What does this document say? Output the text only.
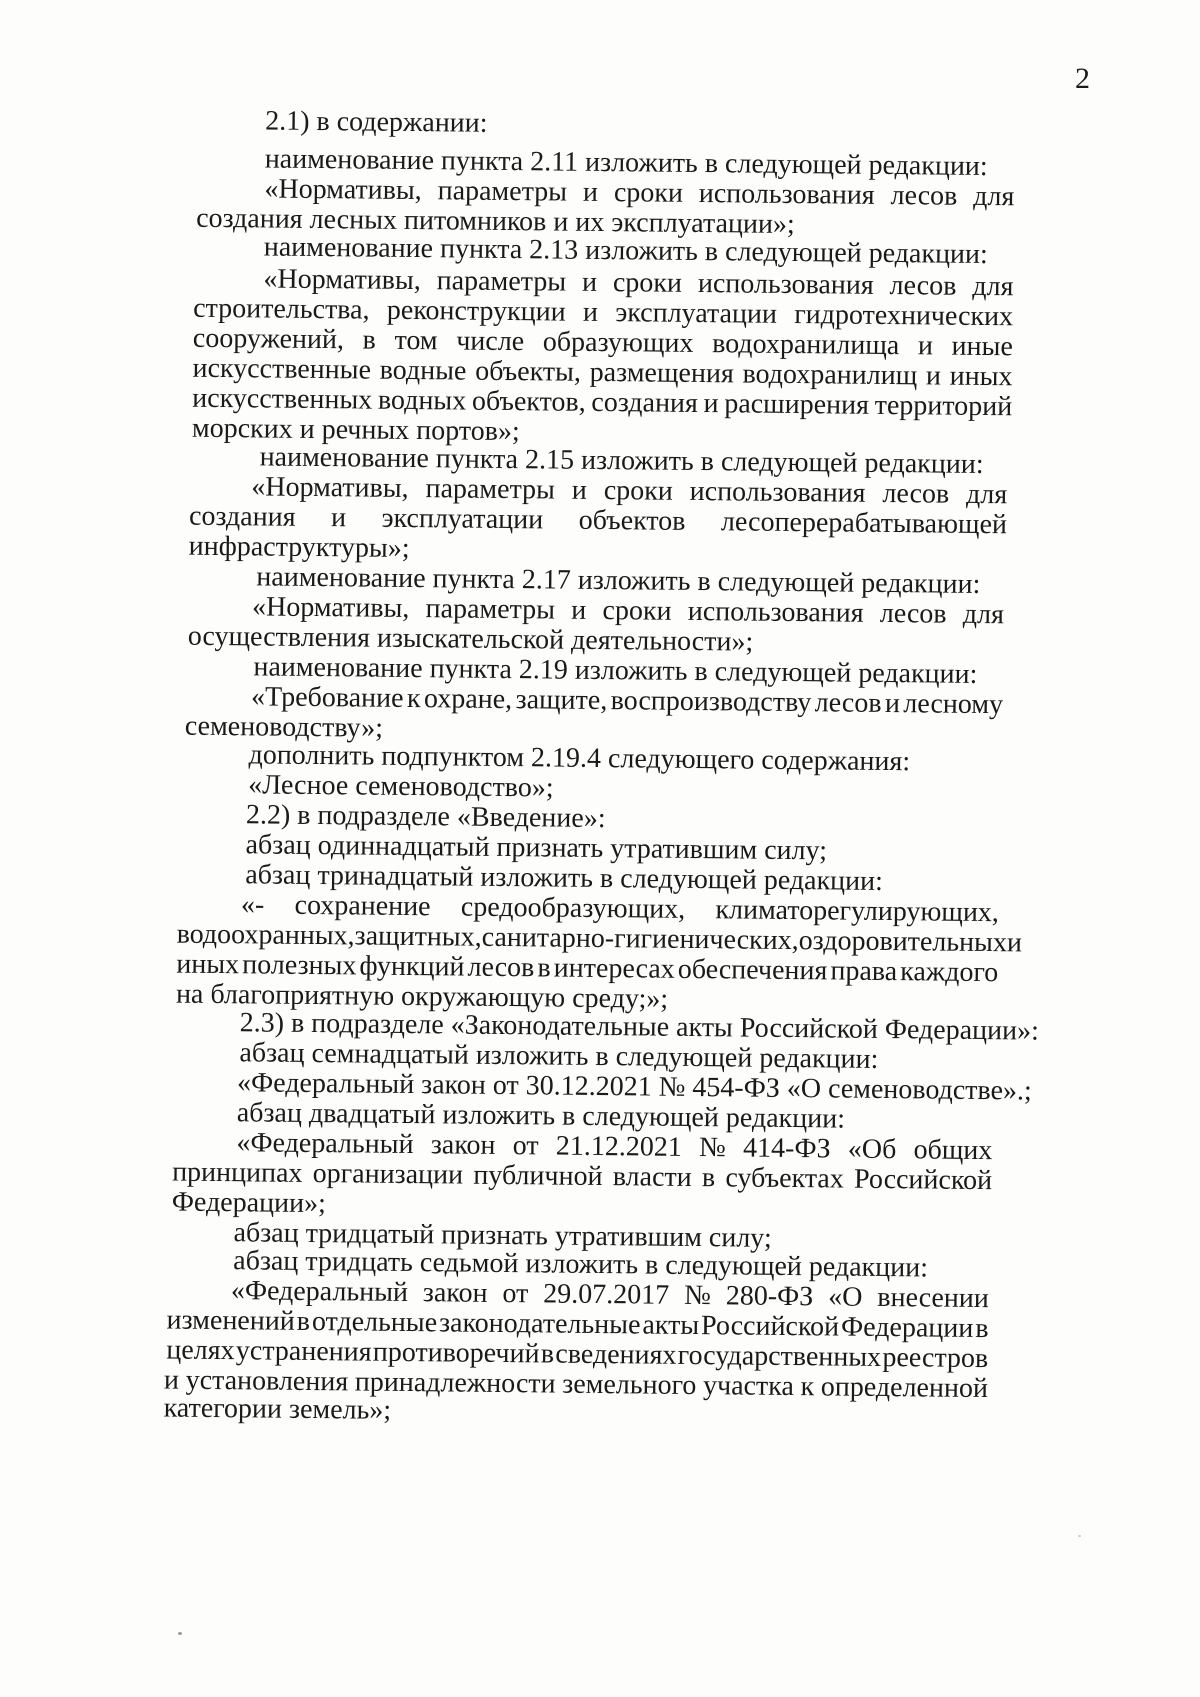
2
2.1) в содержании:
наименование пункта 2.11 изложить в следующей редакции:
«Нормативы, параметры и сроки использования лесов для
создания лесных питомников и их эксплуатации»;
наименование пункта 2.13 изложить в следующей редакции:
«Нормативы, параметры и сроки использования лесов для
строительства, реконструкции и эксплуатации гидротехнических
сооружений, в том числе образующих водохранилища и иные
искусственные водные объекты, размещения водохранилищ и иных
искусственных водных объектов, создания и расширения территорий
морских и речных портов»;
наименование пункта 2.15 изложить в следующей редакции:
«Нормативы, параметры и сроки использования лесов для
создания и эксплуатации объектов лесоперерабатывающей
инфраструктуры»;
наименование пункта 2.17 изложить в следующей редакции:
«Нормативы, параметры и сроки использования лесов для
осуществления изыскательской деятельности»;
наименование пункта 2.19 изложить в следующей редакции:
«Требование к охране, защите, воспроизводству лесов и лесному
семеноводству»;
дополнить подпунктом 2.19.4 следующего содержания:
«Лесное семеноводство»;
2.2) в подразделе «Введение»:
абзац одиннадцатый признать утратившим силу;
абзац тринадцатый изложить в следующей редакции:
«- сохранение средообразующих, климаторегулирующих,
водоохранных, защитных, санитарно-гигиенических, оздоровительных и
иных полезных функций лесов в интересах обеспечения права каждого
на благоприятную окружающую среду;»;
2.3) в подразделе «Законодательные акты Российской Федерации»:
абзац семнадцатый изложить в следующей редакции:
«Федеральный закон от 30.12.2021 № 454-ФЗ «О семеноводстве».;
абзац двадцатый изложить в следующей редакции:
«Федеральный закон от 21.12.2021 № 414-ФЗ «Об общих
принципах организации публичной власти в субъектах Российской
Федерации»;
абзац тридцатый признать утратившим силу;
абзац тридцать седьмой изложить в следующей редакции:
«Федеральный закон от 29.07.2017 № 280-ФЗ «О внесении
изменений в отдельные законодательные акты Российской Федерации в
целях устранения противоречий в сведениях государственных реестров
и установления принадлежности земельного участка к определенной
категории земель»;
